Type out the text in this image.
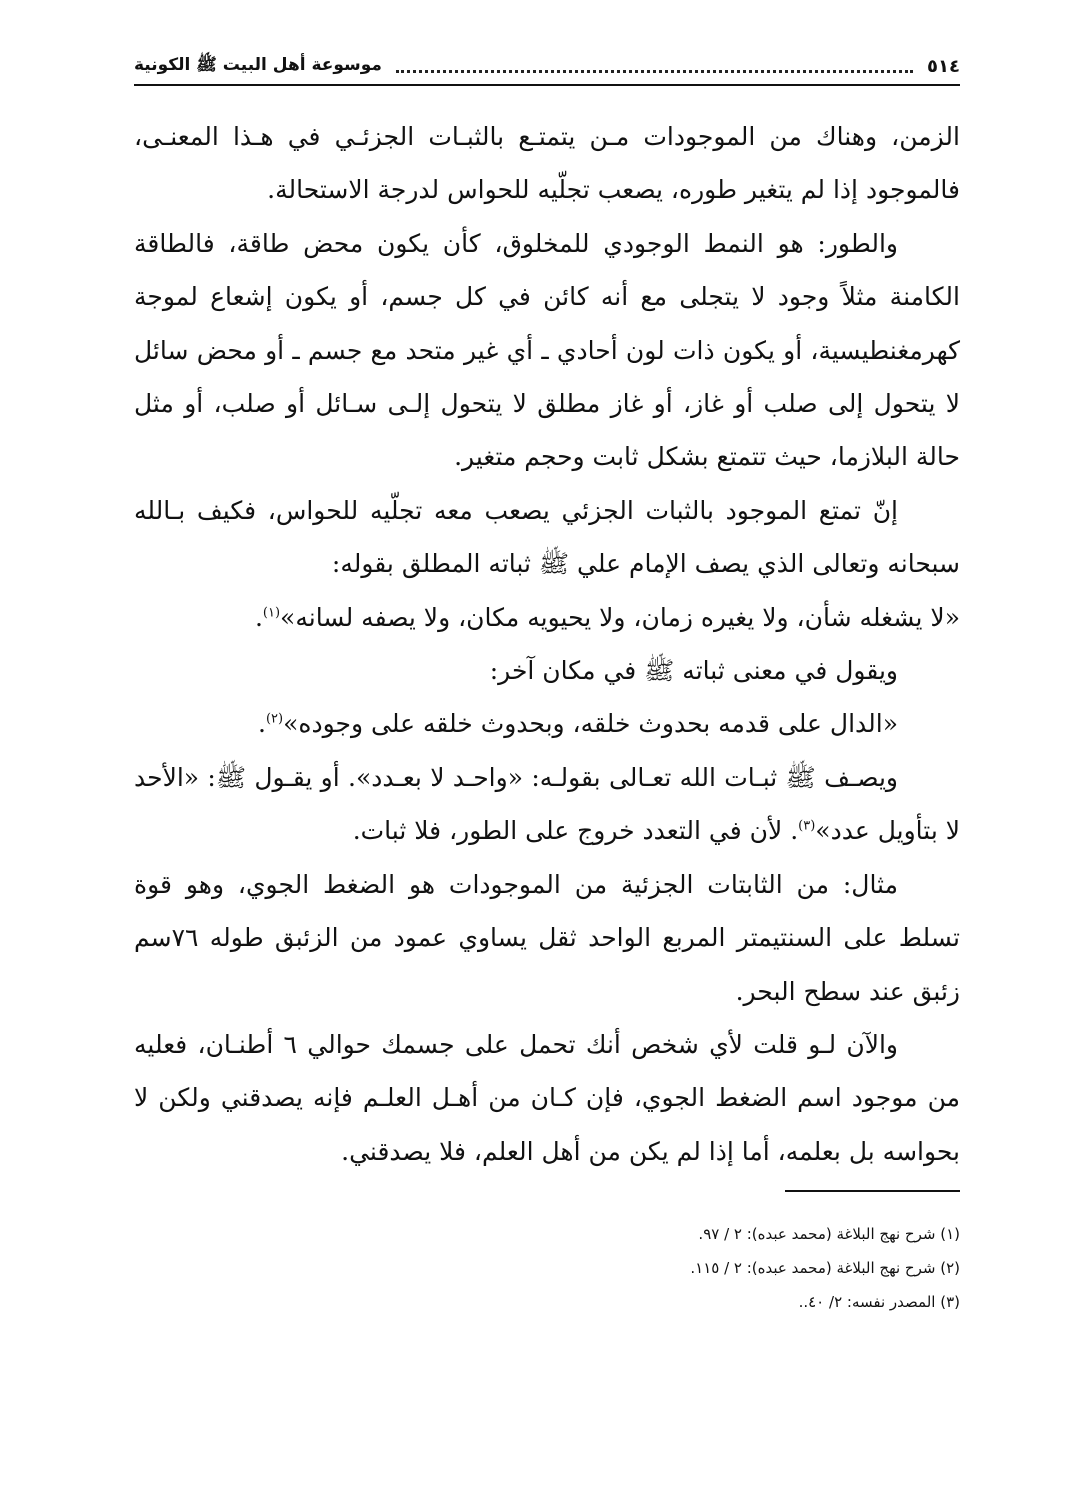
٥١٤
موسوعة أهل البيت ﷺ الكونية

الزمن، وهناك من الموجودات مـن يتمتـع بالثبـات الجزئـي في هـذا المعنـى، فالموجود إذا لم يتغير طوره، يصعب تجلّيه للحواس لدرجة الاستحالة.

والطور: هو النمط الوجودي للمخلوق، كأن يكون محض طاقة، فالطاقة الكامنة مثلاً وجود لا يتجلى مع أنه كائن في كل جسم، أو يكون إشعاع لموجة كهرمغنطيسية، أو يكون ذات لون أحادي ـ أي غير متحد مع جسم ـ أو محض سائل لا يتحول إلى صلب أو غاز، أو غاز مطلق لا يتحول إلـى سـائل أو صلب، أو مثل حالة البلازما، حيث تتمتع بشكل ثابت وحجم متغير.

إنّ تمتع الموجود بالثبات الجزئي يصعب معه تجلّيه للحواس، فكيف بـالله سبحانه وتعالى الذي يصف الإمام علي ﷺ ثباته المطلق بقوله:

«لا يشغله شأن، ولا يغيره زمان، ولا يحيويه مكان، ولا يصفه لسانه»$^{(١)}$.

ويقول في معنى ثباته ﷺ في مكان آخر:

«الدال على قدمه بحدوث خلقه، وبحدوث خلقه على وجوده»$^{(٢)}$.

ويصـف ﷺ ثبـات الله تعـالى بقولـه: «واحـد لا بعـدد». أو يقـول ﷺ: «الأحد لا بتأويل عدد»$^{(٣)}$. لأن في التعدد خروج على الطور، فلا ثبات.

مثال: من الثابتات الجزئية من الموجودات هو الضغط الجوي، وهو قوة تسلط على السنتيمتر المربع الواحد ثقل يساوي عمود من الزئبق طوله ٧٦سم زئبق عند سطح البحر.

والآن لـو قلت لأي شخص أنك تحمل على جسمك حوالي ٦ أطنـان، فعليه من موجود اسم الضغط الجوي، فإن كـان من أهـل العلـم فإنه يصدقني ولكن لا بحواسه بل بعلمه، أما إذا لم يكن من أهل العلم، فلا يصدقني.

(١) شرح نهج البلاغة (محمد عبده): ٢ / ٩٧.
(٢) شرح نهج البلاغة (محمد عبده): ٢ / ١١٥.
(٣) المصدر نفسه: ٢/ ٤٠..
